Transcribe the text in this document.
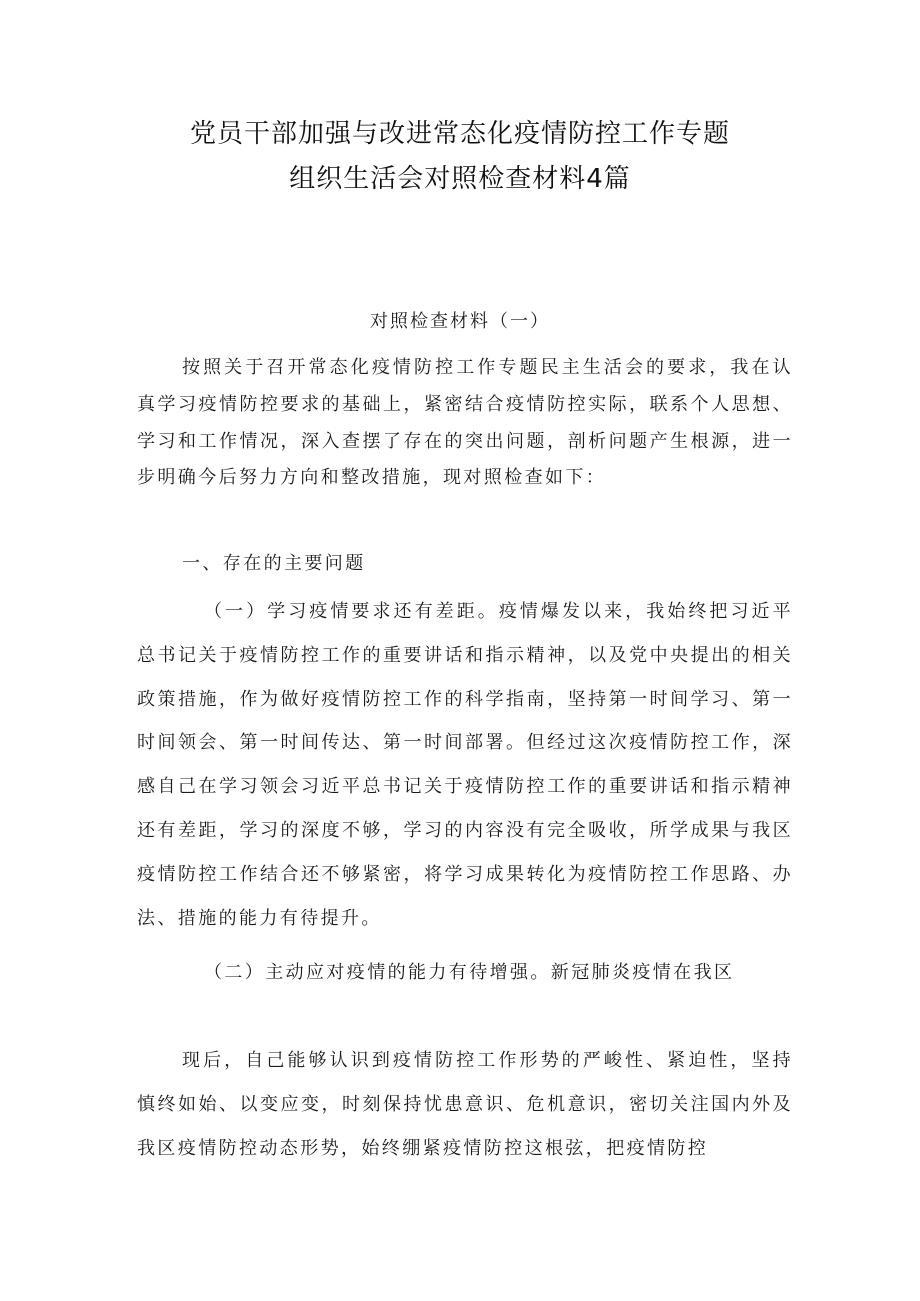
党员干部加强与改进常态化疫情防控工作专题
组织生活会对照检查材料4篇
对照检查材料（一）
按照关于召开常态化疫情防控工作专题民主生活会的要求，我在认真学习疫情防控要求的基础上，紧密结合疫情防控实际，联系个人思想、学习和工作情况，深入查摆了存在的突出问题，剖析问题产生根源，进一步明确今后努力方向和整改措施，现对照检查如下：
一、存在的主要问题
（一）学习疫情要求还有差距。疫情爆发以来，我始终把习近平总书记关于疫情防控工作的重要讲话和指示精神，以及党中央提出的相关政策措施，作为做好疫情防控工作的科学指南，坚持第一时间学习、第一时间领会、第一时间传达、第一时间部署。但经过这次疫情防控工作，深感自己在学习领会习近平总书记关于疫情防控工作的重要讲话和指示精神还有差距，学习的深度不够，学习的内容没有完全吸收，所学成果与我区疫情防控工作结合还不够紧密，将学习成果转化为疫情防控工作思路、办法、措施的能力有待提升。
（二）主动应对疫情的能力有待增强。新冠肺炎疫情在我区
现后，自己能够认识到疫情防控工作形势的严峻性、紧迫性，坚持慎终如始、以变应变，时刻保持忧患意识、危机意识，密切关注国内外及我区疫情防控动态形势，始终绷紧疫情防控这根弦，把疫情防控
